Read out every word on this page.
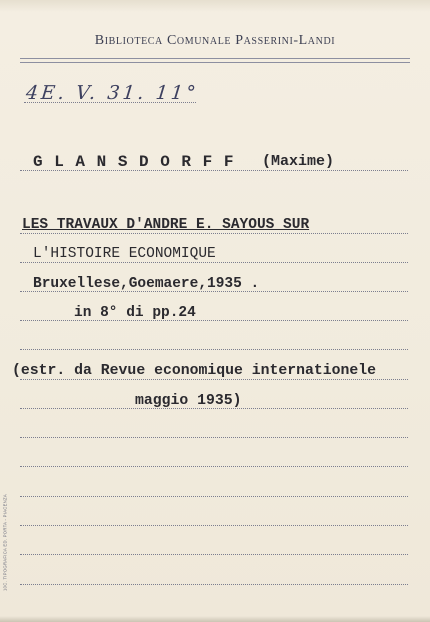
Biblioteca Comunale Passerini-Landi
4E. V. 31. 11°
G L A N S D O R F F (Maxime)
LES TRAVAUX D'ANDRE E. SAYOUS SUR
L'HISTOIRE ECONOMIQUE
Bruxellese,Goemaere,1935 .
in 8° di pp.24
(estr. da Revue economique internationele
maggio 1935)
10C. TIPOGRAFICA ED. PORTA - PIACENZA
